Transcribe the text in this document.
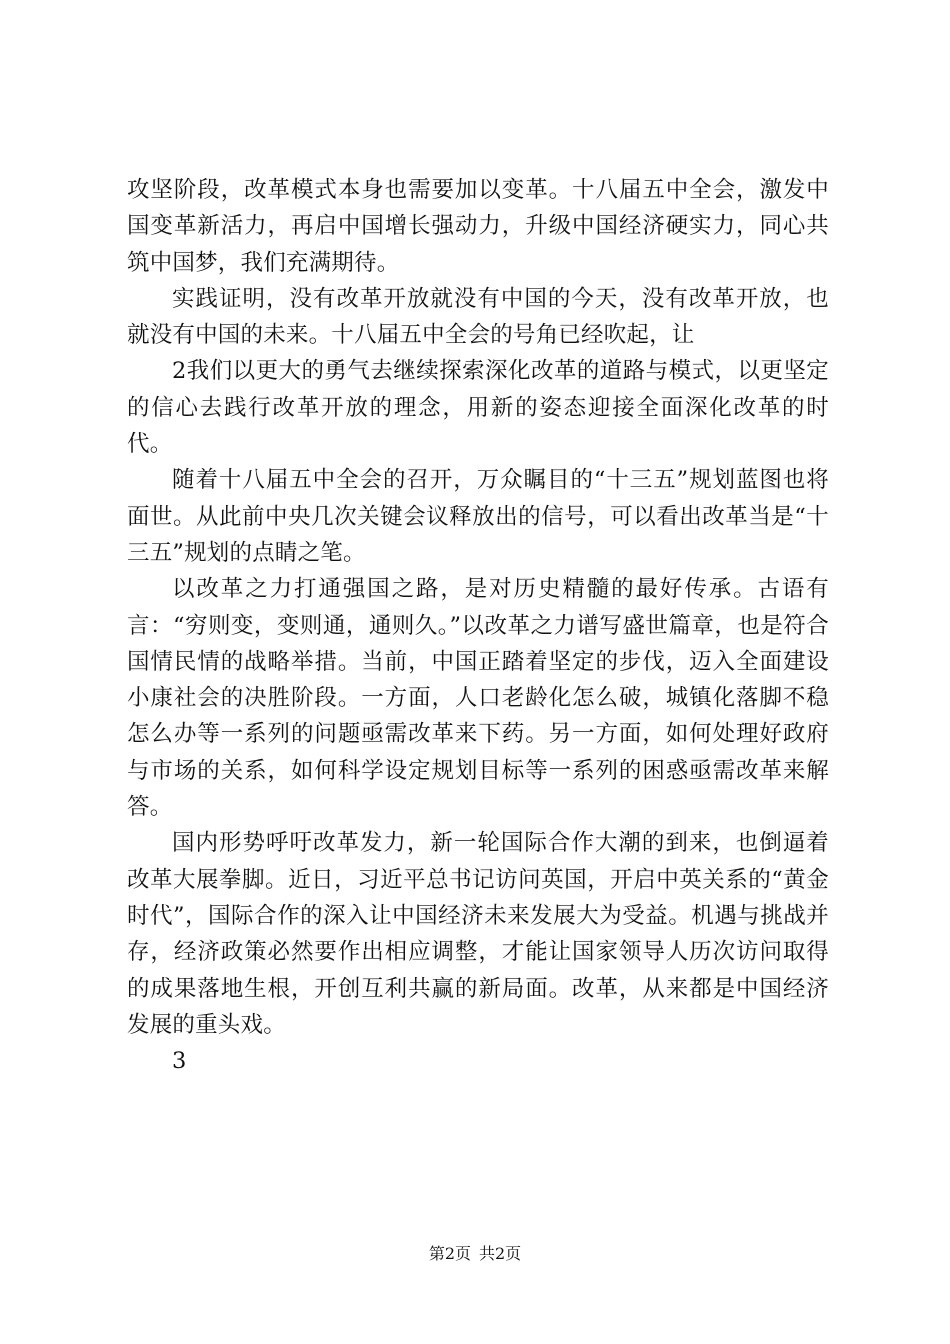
攻坚阶段，改革模式本身也需要加以变革。十八届五中全会，激发中国变革新活力，再启中国增长强动力，升级中国经济硬实力，同心共筑中国梦，我们充满期待。

实践证明，没有改革开放就没有中国的今天，没有改革开放，也就没有中国的未来。十八届五中全会的号角已经吹起，让

2我们以更大的勇气去继续探索深化改革的道路与模式，以更坚定的信心去践行改革开放的理念，用新的姿态迎接全面深化改革的时代。

随着十八届五中全会的召开，万众瞩目的“十三五”规划蓝图也将面世。从此前中央几次关键会议释放出的信号，可以看出改革当是“十三五”规划的点睛之笔。

以改革之力打通强国之路，是对历史精髓的最好传承。古语有言：“穷则变，变则通，通则久。”以改革之力谱写盛世篇章，也是符合国情民情的战略举措。当前，中国正踏着坚定的步伐，迈入全面建设小康社会的决胜阶段。一方面，人口老龄化怎么破，城镇化落脚不稳怎么办等一系列的问题亟需改革来下药。另一方面，如何处理好政府与市场的关系，如何科学设定规划目标等一系列的困惑亟需改革来解答。

国内形势呼吁改革发力，新一轮国际合作大潮的到来，也倒逼着改革大展拳脚。近日，习近平总书记访问英国，开启中英关系的“黄金时代”，国际合作的深入让中国经济未来发展大为受益。机遇与挑战并存，经济政策必然要作出相应调整，才能让国家领导人历次访问取得的成果落地生根，开创互利共赢的新局面。改革，从来都是中国经济发展的重头戏。

3

第2页 共2页
